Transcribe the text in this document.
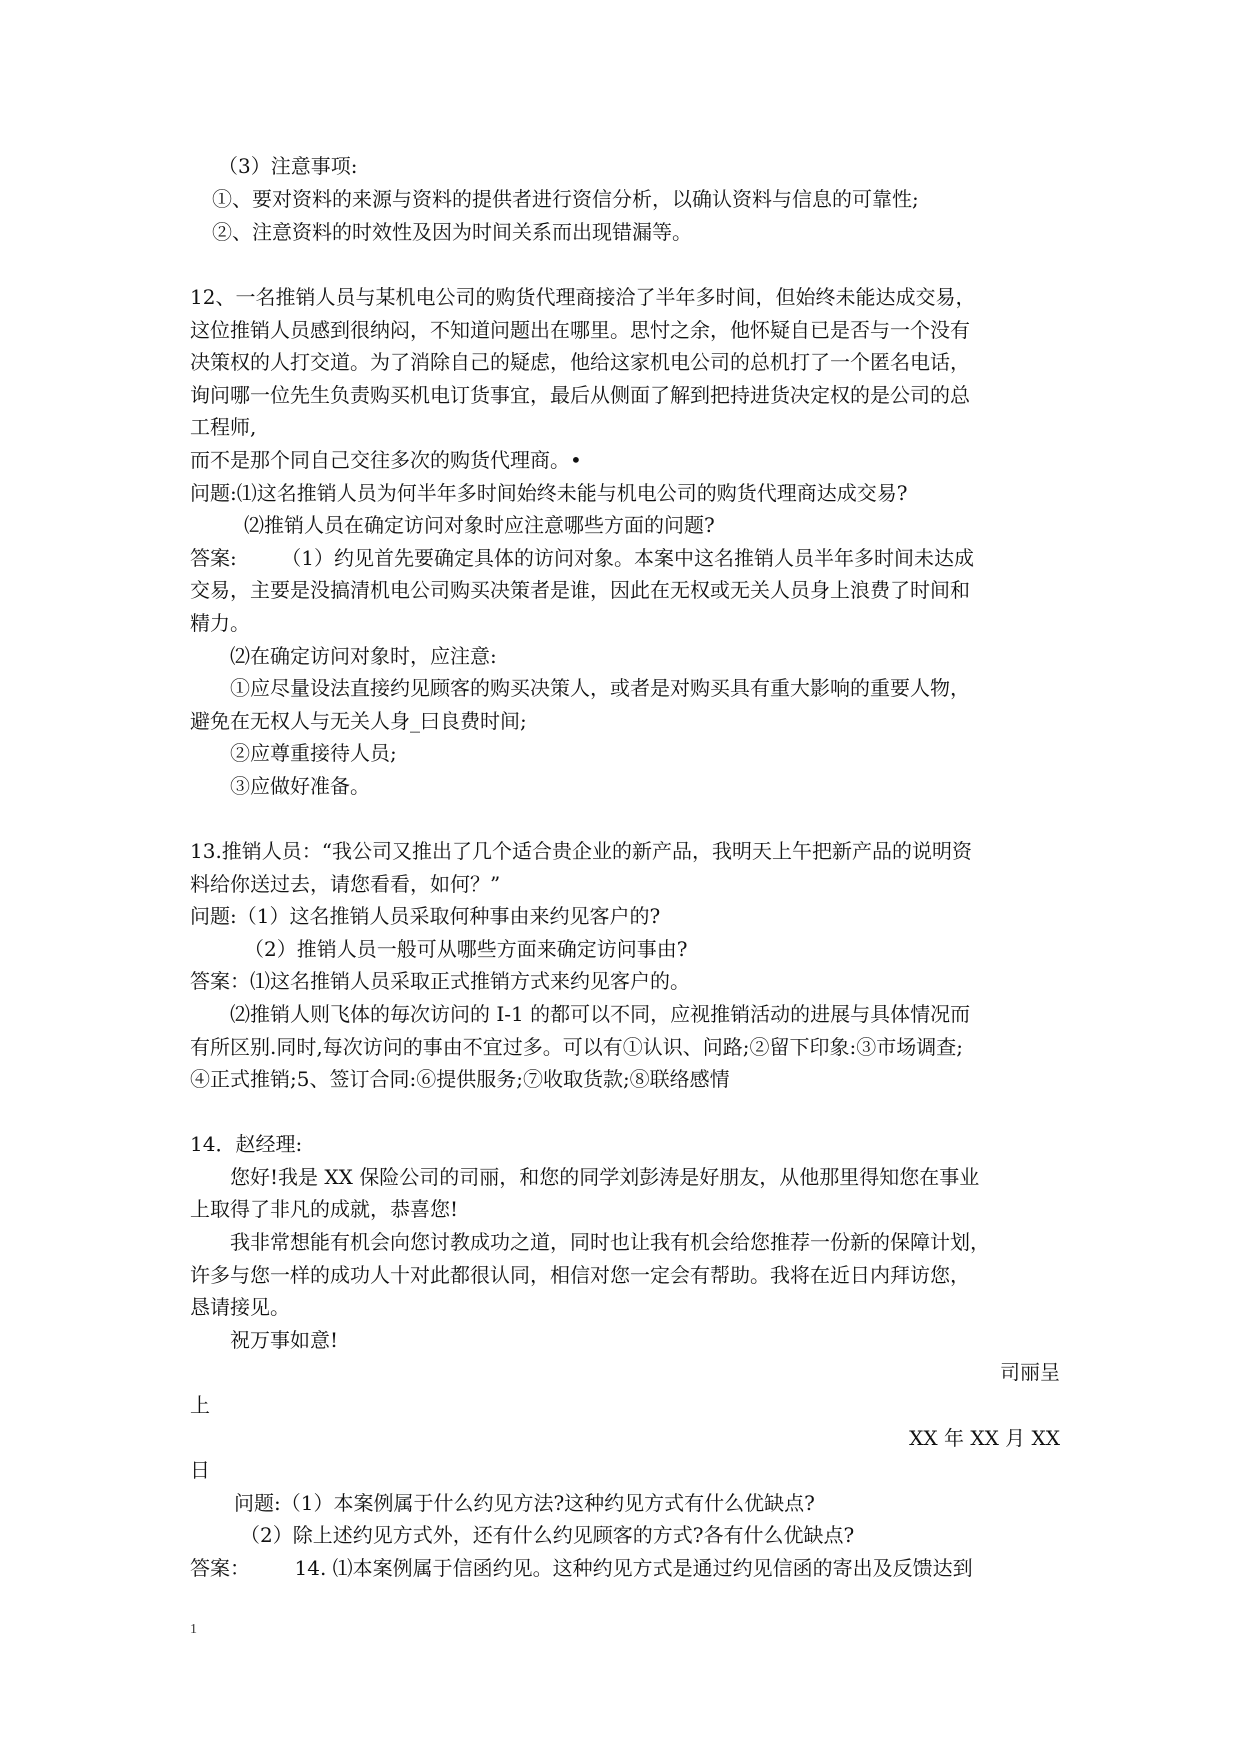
（3）注意事项:
①、要对资料的来源与资料的提供者进行资信分析，以确认资料与信息的可靠性;
②、注意资料的时效性及因为时间关系而出现错漏等。
12、一名推销人员与某机电公司的购货代理商接洽了半年多时间，但始终未能达成交易，
这位推销人员感到很纳闷，不知道问题出在哪里。思忖之余，他怀疑自已是否与一个没有
决策权的人打交道。为了消除自己的疑虑，他给这家机电公司的总机打了一个匿名电话，
询问哪一位先生负责购买机电订货事宜，最后从侧面了解到把持进货决定权的是公司的总
工程师,
而不是那个同自己交往多次的购货代理商。•
问题:⑴这名推销人员为何半年多时间始终未能与机电公司的购货代理商达成交易?
⑵推销人员在确定访问对象时应注意哪些方面的问题?
答案:       （1）约见首先要确定具体的访问对象。本案中这名推销人员半年多时间未达成
交易，主要是没搞清机电公司购买决策者是谁，因此在无权或无关人员身上浪费了时间和
精力。
⑵在确定访问对象时，应注意:
①应尽量设法直接约见顾客的购买决策人，或者是对购买具有重大影响的重要人物，
避免在无权人与无关人身_曰良费时间;
②应尊重接待人员;
③应做好准备。
13.推销人员：“我公司又推出了几个适合贵企业的新产品，我明天上午把新产品的说明资
料给你送过去，请您看看，如何？”
问题:（1）这名推销人员采取何种事由来约见客户的?
（2）推销人员一般可从哪些方面来确定访问事由?
答案：⑴这名推销人员采取正式推销方式来约见客户的。
⑵推销人则飞体的毎次访问的 I-1 的都可以不同，应视推销活动的进展与具体情况而
有所区别.同时,每次访问的事由不宜过多。可以有①认识、问路;②留下印象:③市场调查;
④正式推销;5、签订合同:⑥提供服务;⑦收取货款;⑧联络感情
14．赵经理:
您好!我是 XX 保险公司的司丽，和您的同学刘彭涛是好朋友，从他那里得知您在事业
上取得了非凡的成就，恭喜您!
我非常想能有机会向您讨教成功之道，同时也让我有机会给您推荐一份新的保障计划，
许多与您一样的成功人十对此都很认同，相信对您一定会有帮助。我将在近日内拜访您，
恳请接见。
祝万事如意!
司丽呈
上
XX 年 XX 月 XX
日
问题:（1）本案例属于什么约见方法?这种约见方式有什么优缺点?
（2）除上述约见方式外，还有什么约见顾客的方式?各有什么优缺点?
答案：       14. ⑴本案例属于信函约见。这种约见方式是通过约见信函的寄出及反馈达到
1
